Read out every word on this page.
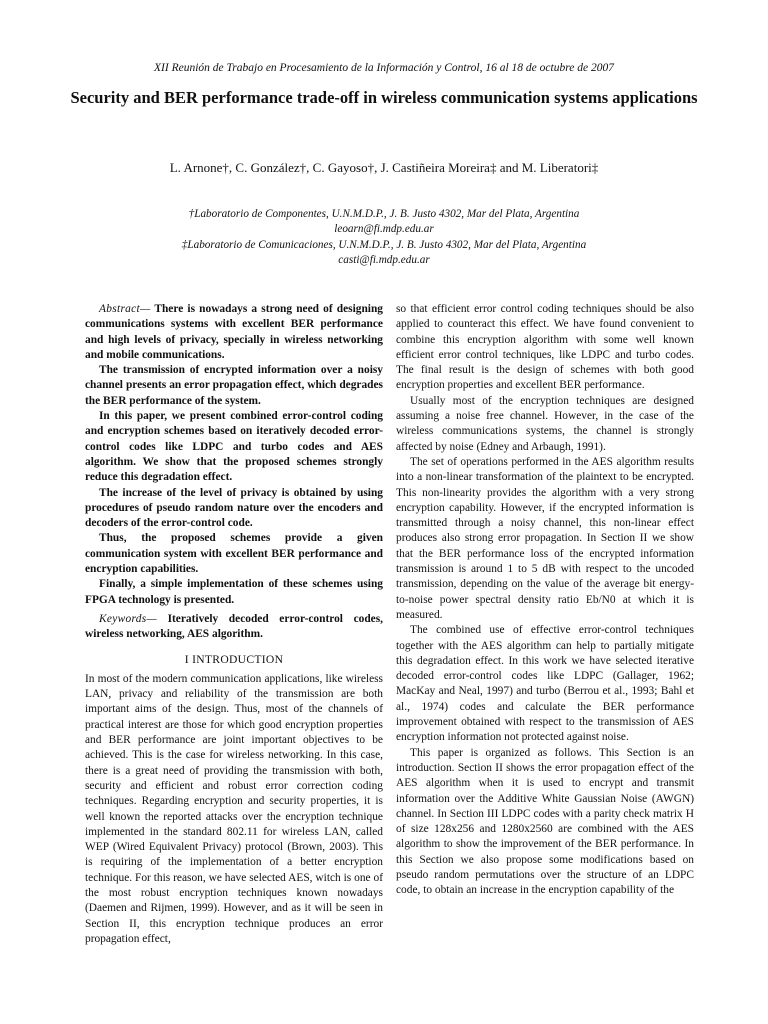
XII Reunión de Trabajo en Procesamiento de la Información y Control, 16 al 18 de octubre de 2007
Security and BER performance trade-off in wireless communication systems applications
L. Arnone†, C. González†, C. Gayoso†, J. Castiñeira Moreira‡ and M. Liberatori‡
†Laboratorio de Componentes, U.N.M.D.P., J. B. Justo 4302, Mar del Plata, Argentina
leoarn@fi.mdp.edu.ar
‡Laboratorio de Comunicaciones, U.N.M.D.P., J. B. Justo 4302, Mar del Plata, Argentina
casti@fi.mdp.edu.ar

Abstract— There is nowadays a strong need of designing communications systems with excellent BER performance and high levels of privacy, specially in wireless networking and mobile communications.

The transmission of encrypted information over a noisy channel presents an error propagation effect, which degrades the BER performance of the system.

In this paper, we present combined error-control coding and encryption schemes based on iteratively decoded error-control codes like LDPC and turbo codes and AES algorithm. We show that the proposed schemes strongly reduce this degradation effect.

The increase of the level of privacy is obtained by using procedures of pseudo random nature over the encoders and decoders of the error-control code.

Thus, the proposed schemes provide a given communication system with excellent BER performance and encryption capabilities.

Finally, a simple implementation of these schemes using FPGA technology is presented.

Keywords— Iteratively decoded error-control codes, wireless networking, AES algorithm.

I INTRODUCTION

In most of the modern communication applications, like wireless LAN, privacy and reliability of the transmission are both important aims of the design. Thus, most of the channels of practical interest are those for which good encryption properties and BER performance are joint important objectives to be achieved. This is the case for wireless networking. In this case, there is a great need of providing the transmission with both, security and efficient and robust error correction coding techniques. Regarding encryption and security properties, it is well known the reported attacks over the encryption technique implemented in the standard 802.11 for wireless LAN, called WEP (Wired Equivalent Privacy) protocol (Brown, 2003). This is requiring of the implementation of a better encryption technique. For this reason, we have selected AES, witch is one of the most robust encryption techniques known nowadays (Daemen and Rijmen, 1999). However, and as it will be seen in Section II, this encryption technique produces an error propagation effect,

so that efficient error control coding techniques should be also applied to counteract this effect. We have found convenient to combine this encryption algorithm with some well known efficient error control techniques, like LDPC and turbo codes. The final result is the design of schemes with both good encryption properties and excellent BER performance.

Usually most of the encryption techniques are designed assuming a noise free channel. However, in the case of the wireless communications systems, the channel is strongly affected by noise (Edney and Arbaugh, 1991).

The set of operations performed in the AES algorithm results into a non-linear transformation of the plaintext to be encrypted. This non-linearity provides the algorithm with a very strong encryption capability. However, if the encrypted information is transmitted through a noisy channel, this non-linear effect produces also strong error propagation. In Section II we show that the BER performance loss of the encrypted information transmission is around 1 to 5 dB with respect to the uncoded transmission, depending on the value of the average bit energy-to-noise power spectral density ratio Eb/N0 at which it is measured.

The combined use of effective error-control techniques together with the AES algorithm can help to partially mitigate this degradation effect. In this work we have selected iterative decoded error-control codes like LDPC (Gallager, 1962; MacKay and Neal, 1997) and turbo (Berrou et al., 1993; Bahl et al., 1974) codes and calculate the BER performance improvement obtained with respect to the transmission of AES encryption information not protected against noise.

This paper is organized as follows. This Section is an introduction. Section II shows the error propagation effect of the AES algorithm when it is used to encrypt and transmit information over the Additive White Gaussian Noise (AWGN) channel. In Section III LDPC codes with a parity check matrix H of size 128x256 and 1280x2560 are combined with the AES algorithm to show the improvement of the BER performance. In this Section we also propose some modifications based on pseudo random permutations over the structure of an LDPC code, to obtain an increase in the encryption capability of the
